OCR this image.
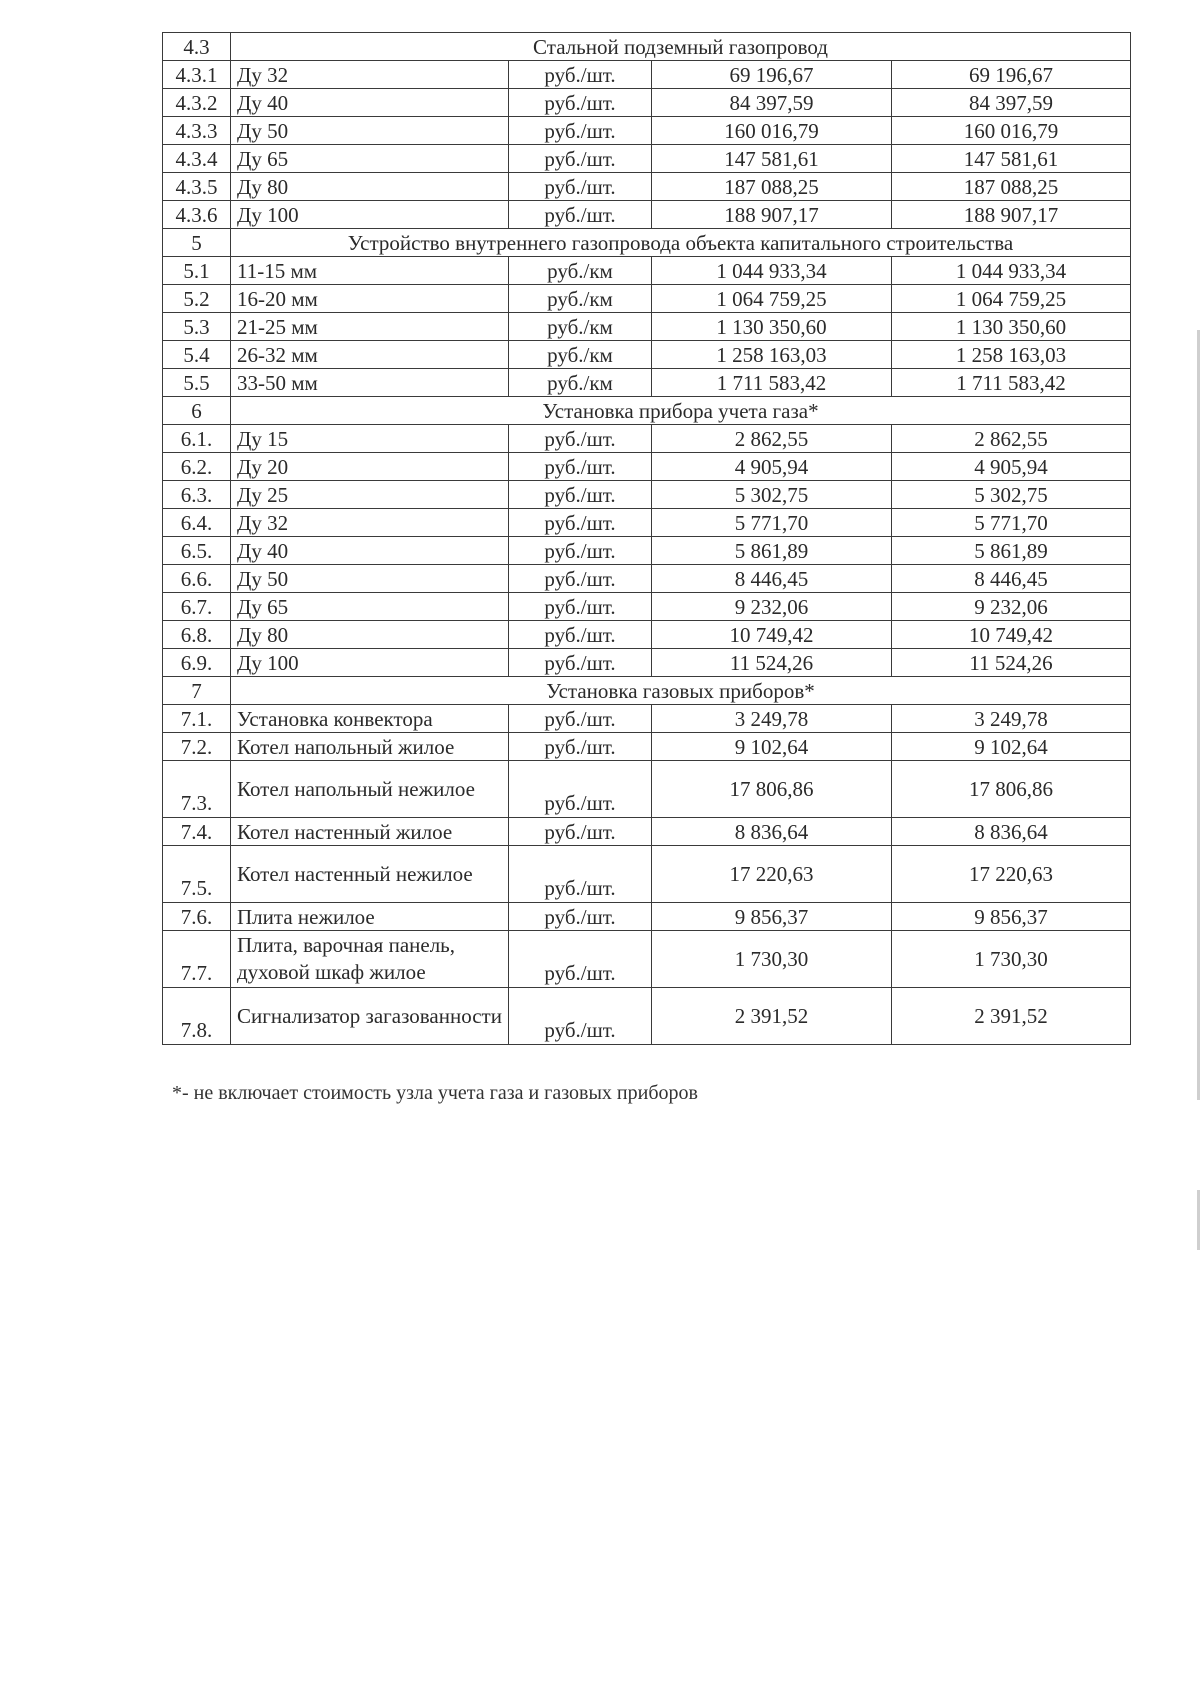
4.3	Стальной подземный газопровод			
4.3.1	Ду 32	руб./шт.	69 196,67	69 196,67
4.3.2	Ду 40	руб./шт.	84 397,59	84 397,59
4.3.3	Ду 50	руб./шт.	160 016,79	160 016,79
4.3.4	Ду 65	руб./шт.	147 581,61	147 581,61
4.3.5	Ду 80	руб./шт.	187 088,25	187 088,25
4.3.6	Ду 100	руб./шт.	188 907,17	188 907,17
5	Устройство внутреннего газопровода объекта капитального строительства			
5.1	11-15 мм	руб./км	1 044 933,34	1 044 933,34
5.2	16-20 мм	руб./км	1 064 759,25	1 064 759,25
5.3	21-25 мм	руб./км	1 130 350,60	1 130 350,60
5.4	26-32 мм	руб./км	1 258 163,03	1 258 163,03
5.5	33-50 мм	руб./км	1 711 583,42	1 711 583,42
6	Установка прибора учета газа*			
6.1.	Ду 15	руб./шт.	2 862,55	2 862,55
6.2.	Ду 20	руб./шт.	4 905,94	4 905,94
6.3.	Ду 25	руб./шт.	5 302,75	5 302,75
6.4.	Ду 32	руб./шт.	5 771,70	5 771,70
6.5.	Ду 40	руб./шт.	5 861,89	5 861,89
6.6.	Ду 50	руб./шт.	8 446,45	8 446,45
6.7.	Ду 65	руб./шт.	9 232,06	9 232,06
6.8.	Ду 80	руб./шт.	10 749,42	10 749,42
6.9.	Ду 100	руб./шт.	11 524,26	11 524,26
7	Установка газовых приборов*			
7.1.	Установка конвектора	руб./шт.	3 249,78	3 249,78
7.2.	Котел напольный жилое	руб./шт.	9 102,64	9 102,64
7.3.	Котел напольный нежилое	руб./шт.	17 806,86	17 806,86
7.4.	Котел настенный жилое	руб./шт.	8 836,64	8 836,64
7.5.	Котел настенный нежилое	руб./шт.	17 220,63	17 220,63
7.6.	Плита нежилое	руб./шт.	9 856,37	9 856,37
7.7.	Плита, варочная панель, духовой шкаф жилое	руб./шт.	1 730,30	1 730,30
7.8.	Сигнализатор загазованности	руб./шт.	2 391,52	2 391,52
*- не включает стоимость узла учета газа и газовых приборов
